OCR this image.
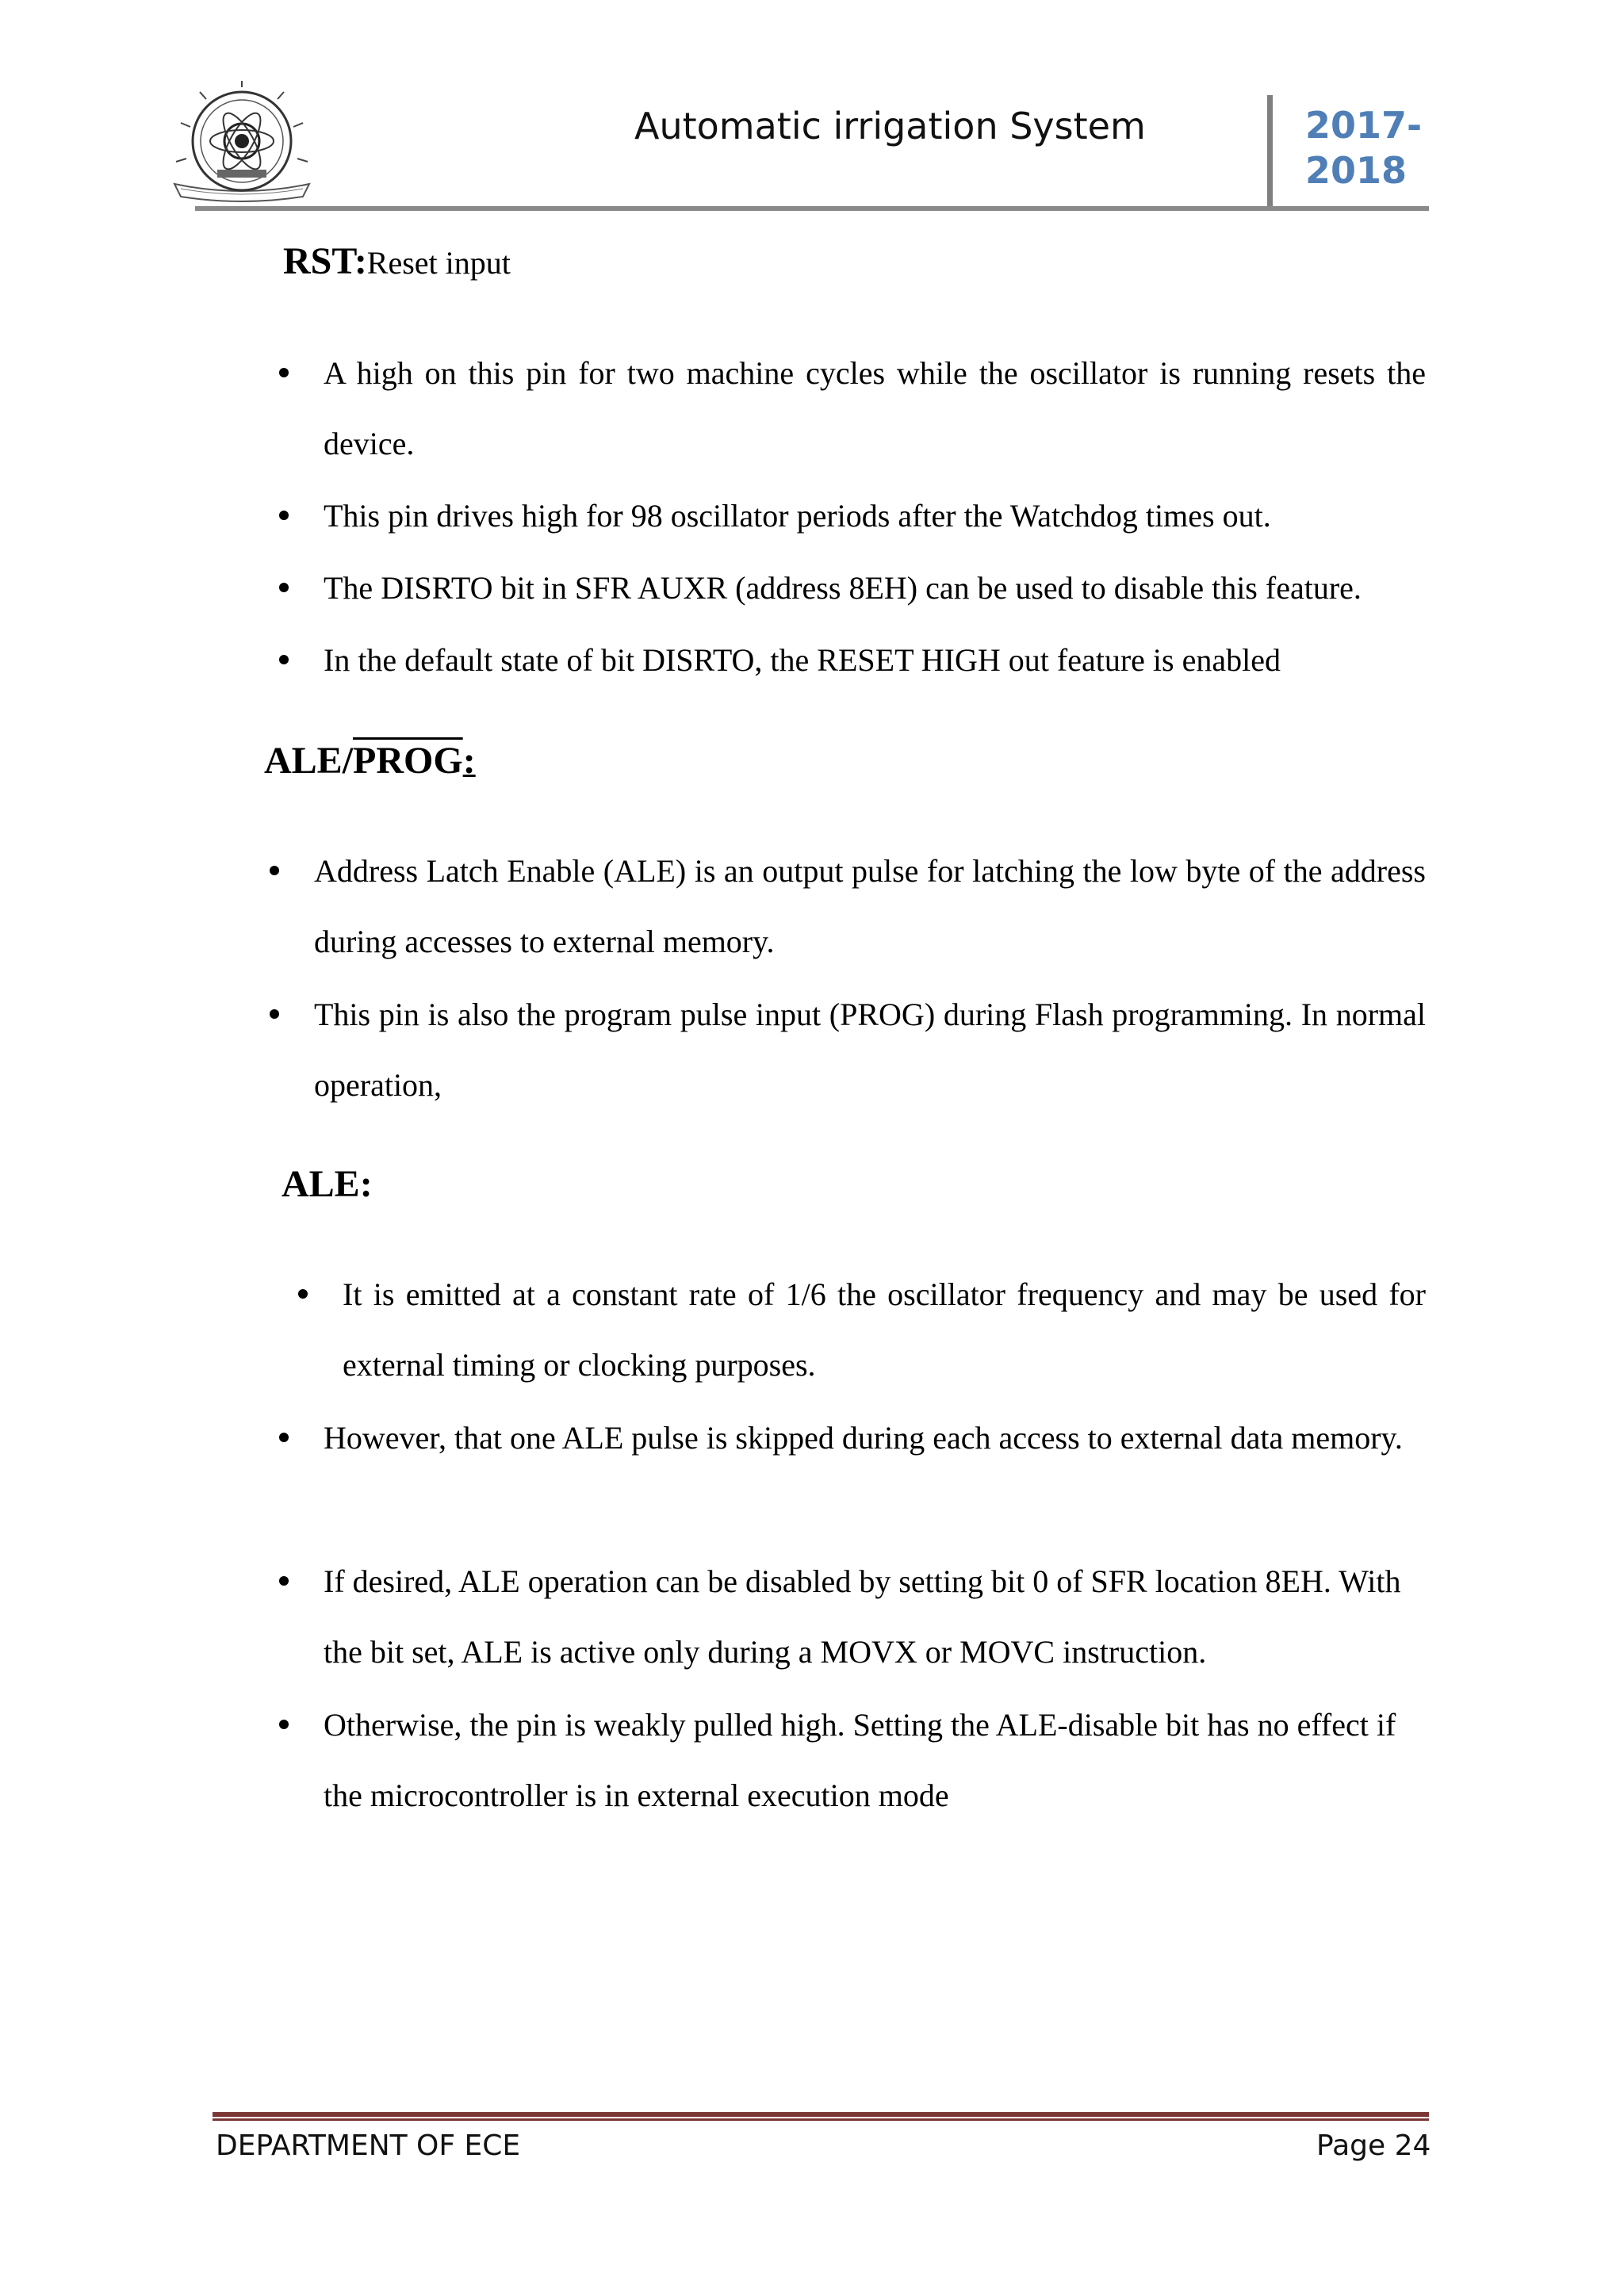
Automatic irrigation System	2017-
2018
RST:Reset input
A high on this pin for two machine cycles while the oscillator is running resets the device.
This pin drives high for 98 oscillator periods after the Watchdog times out.
The DISRTO bit in SFR AUXR (address 8EH) can be used to disable this feature.
In the default state of bit DISRTO, the RESET HIGH out feature is enabled
ALE/PROG:
Address Latch Enable (ALE) is an output pulse for latching the low byte of the address during accesses to external memory.
This pin is also the program pulse input (PROG) during Flash programming. In normal operation,
ALE:
It is emitted at a constant rate of 1/6 the oscillator frequency and may be used for external timing or clocking purposes.
However, that one ALE pulse is skipped during each access to external data memory.
If desired, ALE operation can be disabled by setting bit 0 of SFR location 8EH. With the bit set, ALE is active only during a MOVX or MOVC instruction.
Otherwise, the pin is weakly pulled high. Setting the ALE-disable bit has no effect if the microcontroller is in external execution mode
DEPARTMENT OF ECE	Page 24
